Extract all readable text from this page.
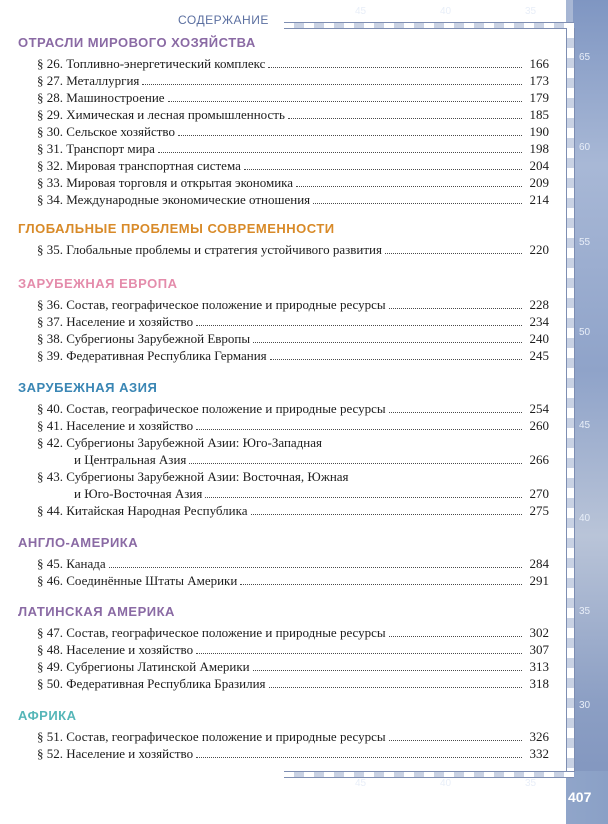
45	40	35
65
60
55
50
45
40
35
30
45	40	35
СОДЕРЖАНИЕ
407
ОТРАСЛИ МИРОВОГО ХОЗЯЙСТВА
§ 26. Топливно-энергетический комплекс	166
§ 27. Металлургия	173
§ 28. Машиностроение	179
§ 29. Химическая и лесная промышленность	185
§ 30. Сельское хозяйство	190
§ 31. Транспорт мира	198
§ 32. Мировая транспортная система	204
§ 33. Мировая торговля и открытая экономика	209
§ 34. Международные экономические отношения	214
ГЛОБАЛЬНЫЕ ПРОБЛЕМЫ СОВРЕМЕННОСТИ
§ 35. Глобальные проблемы и стратегия устойчивого развития	220
ЗАРУБЕЖНАЯ ЕВРОПА
§ 36. Состав, географическое положение и природные ресурсы	228
§ 37. Население и хозяйство	234
§ 38. Субрегионы Зарубежной Европы	240
§ 39. Федеративная Республика Германия	245
ЗАРУБЕЖНАЯ АЗИЯ
§ 40. Состав, географическое положение и природные ресурсы	254
§ 41. Население и хозяйство	260
§ 42. Субрегионы Зарубежной Азии: Юго-Западная
и Центральная Азия	266
§ 43. Субрегионы Зарубежной Азии: Восточная, Южная
и Юго-Восточная Азия	270
§ 44. Китайская Народная Республика	275
АНГЛО-АМЕРИКА
§ 45. Канада	284
§ 46. Соединённые Штаты Америки	291
ЛАТИНСКАЯ АМЕРИКА
§ 47. Состав, географическое положение и природные ресурсы	302
§ 48. Население и хозяйство	307
§ 49. Субрегионы Латинской Америки	313
§ 50. Федеративная Республика Бразилия	318
АФРИКА
§ 51. Состав, географическое положение и природные ресурсы	326
§ 52. Население и хозяйство	332
